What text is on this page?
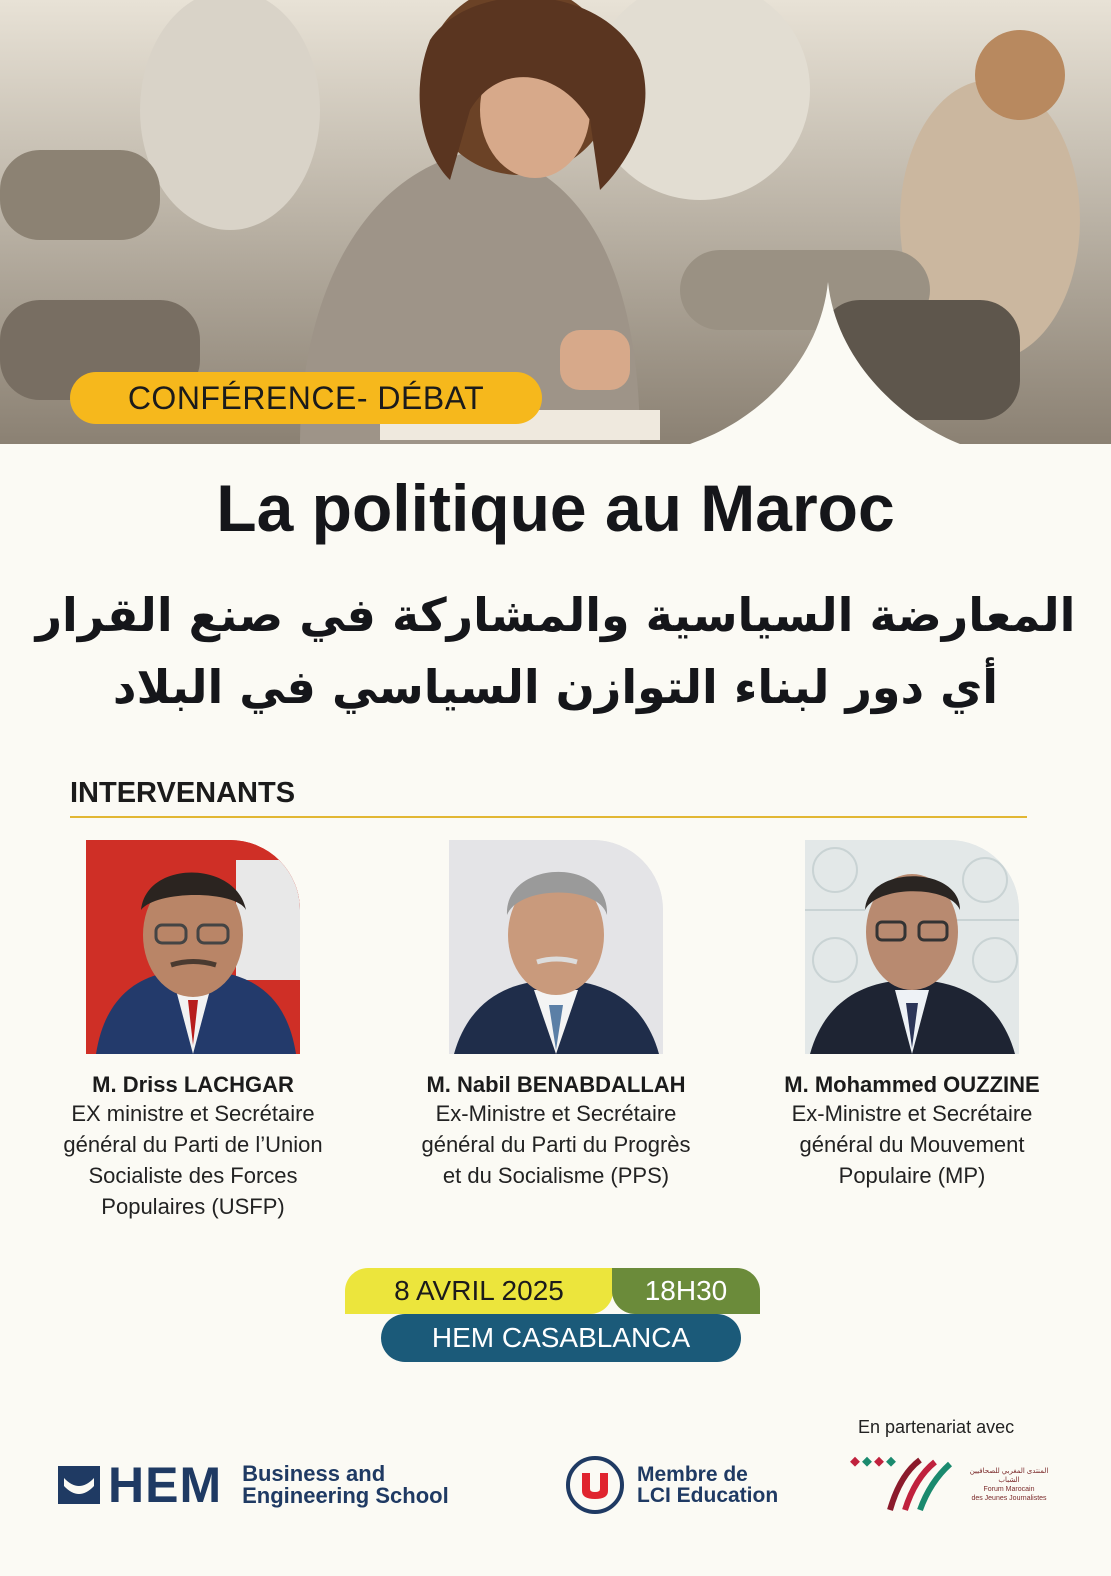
CONFÉRENCE- DÉBAT
La politique au Maroc
المعارضة السياسية والمشاركة في صنع القرار
أي دور لبناء التوازن السياسي في البلاد
INTERVENANTS
M. Driss LACHGAR
EX ministre et Secrétaire
général du Parti de l’Union
Socialiste des Forces
Populaires (USFP)
M. Nabil BENABDALLAH
Ex-Ministre et Secrétaire
général du Parti du Progrès
et du Socialisme (PPS)
M. Mohammed OUZZINE
Ex-Ministre et Secrétaire
général du Mouvement
Populaire (MP)
8 AVRIL 2025	18H30
HEM CASABLANCA
En partenariat avec
HEM Business and
Engineering School
Membre de
LCI Education
المنتدى المغربي للصحافيين الشباب
Forum Marocain
des Jeunes Journalistes
